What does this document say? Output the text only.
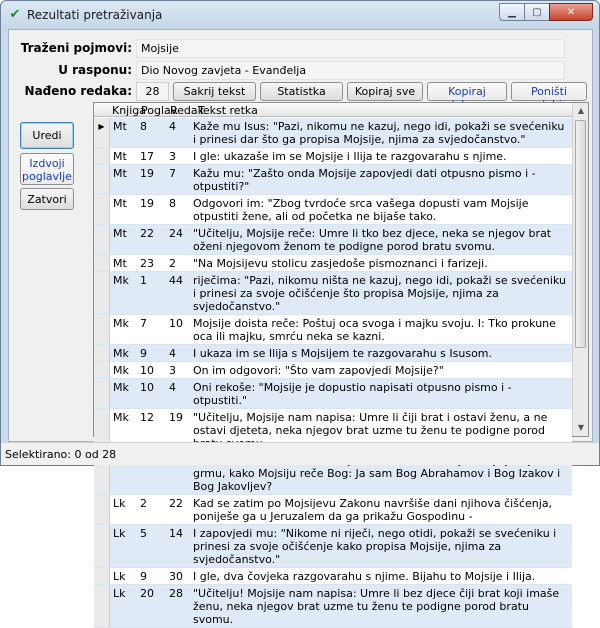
✔ Rezultati pretraživanja	▁ ▢	✕
Traženi pojmovi: Mojsije
U rasponu: Dio Novog zavjeta - Evanđelja
Nađeno redaka:	28	Sakrij tekst	Statistka	Kopiraj sve	Kopiraj	Poništi
Uredi
Izdvoji
poglavlje
Zatvori
Knjiga
Poglav
Redak
Tekst retka
▶ Mt	8	4	Kaže mu Isus: "Pazi, nikomu ne kazuj, nego idi, pokaži se svećeniku i prinesi dar što ga propisa Mojsije, njima za svjedočanstvo."
Mt	17	3	I gle: ukazaše im se Mojsije i Ilija te razgovarahu s njime.
Mt	19	7	Kažu mu: "Zašto onda Mojsije zapovjedi dati otpusno pismo i - otpustiti?"
Mt	19	8	Odgovori im: "Zbog tvrdoće srca vašega dopusti vam Mojsije otpustiti žene, ali od početka ne bijaše tako.
Mt	22	24 "Učitelju, Mojsije reče: Umre li tko bez djece, neka se njegov brat oženi njegovom ženom te podigne porod bratu svomu.
Mt	23	2	"Na Mojsijevu stolicu zasjedoše pismoznanci i farizeji.
Mk	1	44 riječima: "Pazi, nikomu ništa ne kazuj, nego idi, pokaži se svećeniku i prinesi za svoje očišćenje što propisa Mojsije, njima za svjedočanstvo."
Mk	7	10 Mojsije doista reče: Poštuj oca svoga i majku svoju. I: Tko prokune oca ili majku, smrću neka se kazni.
Mk	9	4	I ukaza im se Ilija s Mojsijem te razgovarahu s Isusom.
Mk	10	3	On im odgovori: "Što vam zapovjedi Mojsije?"
Mk	10	4	Oni rekoše: "Mojsije je dopustio napisati otpusno pismo i - otpustiti."
Mk	12	19 "Učitelju, Mojsije nam napisa: Umre li čiji brat i ostavi ženu, a ne ostavi djeteta, neka njegov brat uzme tu ženu te podigne porod
grmu, kako Mojsiju reče Bog: Ja sam Bog Abrahamov i Bog Izakov i Bog Jakovljev?
Lk	2	22 Kad se zatim po Mojsijevu Zakonu navršiše dani njihova čišćenja, poniješe ga u Jeruzalem da ga prikažu Gospodinu -
Lk	5	14 I zapovjedi mu: "Nikome ni riječi, nego otidi, pokaži se svećeniku i prinesi za svoje očišćenje kako propisa Mojsije, njima za svjedočanstvo."
Lk	9	30 I gle, dva čovjeka razgovarahu s njime. Bijahu to Mojsije i Ilija.
Lk	20	28 "Učitelju! Mojsije nam napisa: Umre li bez djece čiji brat koji imaše ženu, neka njegov brat uzme tu ženu te podigne porod bratu svomu.
▲
▼
Selektirano: 0 od 28
